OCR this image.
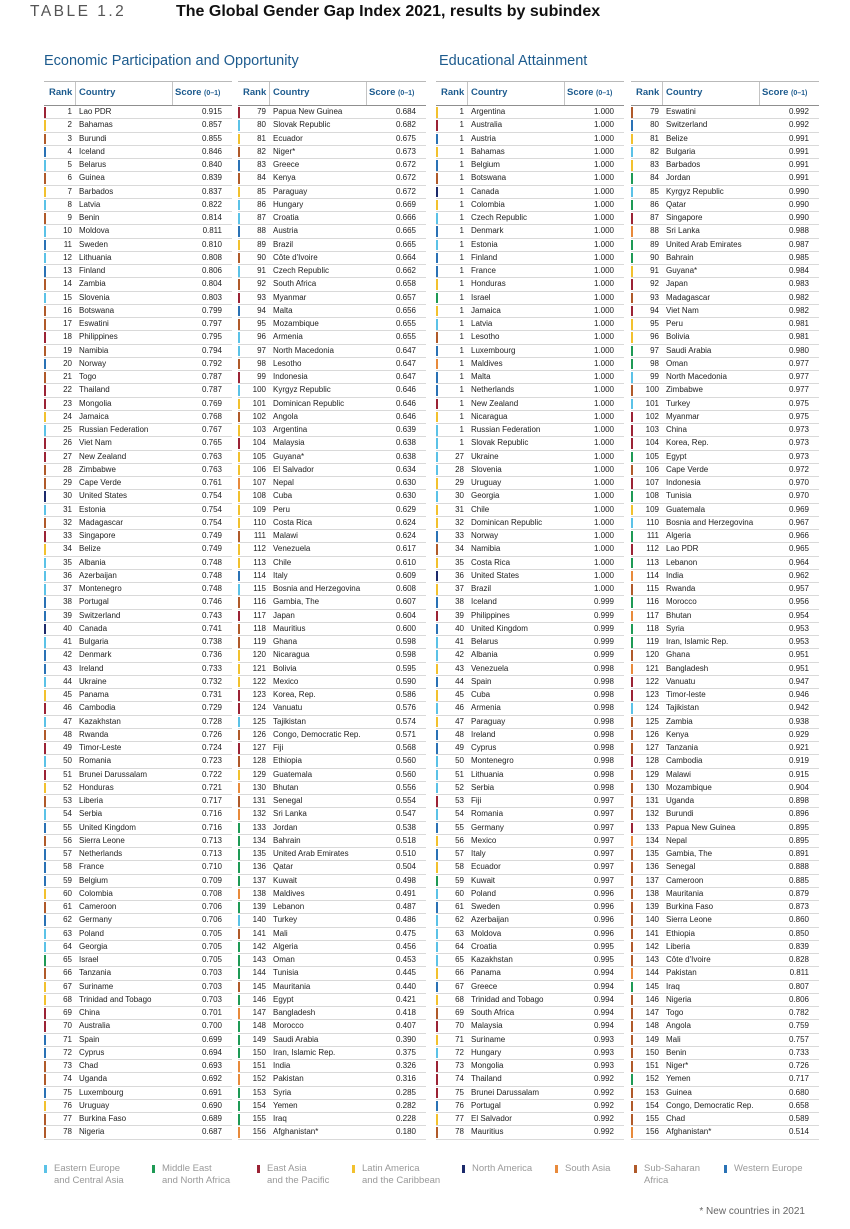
TABLE 1.2	The Global Gender Gap Index 2021, results by subindex
Economic Participation and Opportunity	Educational Attainment
Rank Country	Score (0–1)
1 Lao PDR	0.915
2 Bahamas	0.857
3 Burundi	0.855
4 Iceland	0.846
5 Belarus	0.840
6 Guinea	0.839
7 Barbados	0.837
8 Latvia	0.822
9 Benin	0.814
10 Moldova	0.811
11 Sweden	0.810
12 Lithuania	0.808
13 Finland	0.806
14 Zambia	0.804
15 Slovenia	0.803
16 Botswana	0.799
17 Eswatini	0.797
18 Philippines	0.795
19 Namibia	0.794
20 Norway	0.792
21 Togo	0.787
22 Thailand	0.787
23 Mongolia	0.769
24 Jamaica	0.768
25 Russian Federation	0.767
26 Viet Nam	0.765
27 New Zealand	0.763
28 Zimbabwe	0.763
29 Cape Verde	0.761
30 United States	0.754
31 Estonia	0.754
32 Madagascar	0.754
33 Singapore	0.749
34 Belize	0.749
35 Albania	0.748
36 Azerbaijan	0.748
37 Montenegro	0.748
38 Portugal	0.746
39 Switzerland	0.743
40 Canada	0.741
41 Bulgaria	0.738
42 Denmark	0.736
43 Ireland	0.733
44 Ukraine	0.732
45 Panama	0.731
46 Cambodia	0.729
47 Kazakhstan	0.728
48 Rwanda	0.726
49 Timor-Leste	0.724
50 Romania	0.723
51 Brunei Darussalam	0.722
52 Honduras	0.721
53 Liberia	0.717
54 Serbia	0.716
55 United Kingdom	0.716
56 Sierra Leone	0.713
57 Netherlands	0.713
58 France	0.710
59 Belgium	0.709
60 Colombia	0.708
61 Cameroon	0.706
62 Germany	0.706
63 Poland	0.705
64 Georgia	0.705
65 Israel	0.705
66 Tanzania	0.703
67 Suriname	0.703
68 Trinidad and Tobago	0.703
69 China	0.701
70 Australia	0.700
71 Spain	0.699
72 Cyprus	0.694
73 Chad	0.693
74 Uganda	0.692
75 Luxembourg	0.691
76 Uruguay	0.690
77 Burkina Faso	0.689
78 Nigeria	0.687
Rank Country	Score (0–1)
79 Papua New Guinea	0.684
80 Slovak Republic	0.682
81 Ecuador	0.675
82 Niger*	0.673
83 Greece	0.672
84 Kenya	0.672
85 Paraguay	0.672
86 Hungary	0.669
87 Croatia	0.666
88 Austria	0.665
89 Brazil	0.665
90 Côte d'Ivoire	0.664
91 Czech Republic	0.662
92 South Africa	0.658
93 Myanmar	0.657
94 Malta	0.656
95 Mozambique	0.655
96 Armenia	0.655
97 North Macedonia	0.647
98 Lesotho	0.647
99 Indonesia	0.647
100 Kyrgyz Republic	0.646
101 Dominican Republic	0.646
102 Angola	0.646
103 Argentina	0.639
104 Malaysia	0.638
105 Guyana*	0.638
106 El Salvador	0.634
107 Nepal	0.630
108 Cuba	0.630
109 Peru	0.629
110 Costa Rica	0.624
111 Malawi	0.624
112 Venezuela	0.617
113 Chile	0.610
114 Italy	0.609
115 Bosnia and Herzegovina	0.608
116 Gambia, The	0.607
117 Japan	0.604
118 Mauritius	0.600
119 Ghana	0.598
120 Nicaragua	0.598
121 Bolivia	0.595
122 Mexico	0.590
123 Korea, Rep.	0.586
124 Vanuatu	0.576
125 Tajikistan	0.574
126 Congo, Democratic Rep.	0.571
127 Fiji	0.568
128 Ethiopia	0.560
129 Guatemala	0.560
130 Bhutan	0.556
131 Senegal	0.554
132 Sri Lanka	0.547
133 Jordan	0.538
134 Bahrain	0.518
135 United Arab Emirates	0.510
136 Qatar	0.504
137 Kuwait	0.498
138 Maldives	0.491
139 Lebanon	0.487
140 Turkey	0.486
141 Mali	0.475
142 Algeria	0.456
143 Oman	0.453
144 Tunisia	0.445
145 Mauritania	0.440
146 Egypt	0.421
147 Bangladesh	0.418
148 Morocco	0.407
149 Saudi Arabia	0.390
150 Iran, Islamic Rep.	0.375
151 India	0.326
152 Pakistan	0.316
153 Syria	0.285
154 Yemen	0.282
155 Iraq	0.228
156 Afghanistan*	0.180
Rank Country	Score (0–1)
1 Argentina	1.000
1 Australia	1.000
1 Austria	1.000
1 Bahamas	1.000
1 Belgium	1.000
1 Botswana	1.000
1 Canada	1.000
1 Colombia	1.000
1 Czech Republic	1.000
1 Denmark	1.000
1 Estonia	1.000
1 Finland	1.000
1 France	1.000
1 Honduras	1.000
1 Israel	1.000
1 Jamaica	1.000
1 Latvia	1.000
1 Lesotho	1.000
1 Luxembourg	1.000
1 Maldives	1.000
1 Malta	1.000
1 Netherlands	1.000
1 New Zealand	1.000
1 Nicaragua	1.000
1 Russian Federation	1.000
1 Slovak Republic	1.000
27 Ukraine	1.000
28 Slovenia	1.000
29 Uruguay	1.000
30 Georgia	1.000
31 Chile	1.000
32 Dominican Republic	1.000
33 Norway	1.000
34 Namibia	1.000
35 Costa Rica	1.000
36 United States	1.000
37 Brazil	1.000
38 Iceland	0.999
39 Philippines	0.999
40 United Kingdom	0.999
41 Belarus	0.999
42 Albania	0.999
43 Venezuela	0.998
44 Spain	0.998
45 Cuba	0.998
46 Armenia	0.998
47 Paraguay	0.998
48 Ireland	0.998
49 Cyprus	0.998
50 Montenegro	0.998
51 Lithuania	0.998
52 Serbia	0.998
53 Fiji	0.997
54 Romania	0.997
55 Germany	0.997
56 Mexico	0.997
57 Italy	0.997
58 Ecuador	0.997
59 Kuwait	0.997
60 Poland	0.996
61 Sweden	0.996
62 Azerbaijan	0.996
63 Moldova	0.996
64 Croatia	0.995
65 Kazakhstan	0.995
66 Panama	0.994
67 Greece	0.994
68 Trinidad and Tobago	0.994
69 South Africa	0.994
70 Malaysia	0.994
71 Suriname	0.993
72 Hungary	0.993
73 Mongolia	0.993
74 Thailand	0.992
75 Brunei Darussalam	0.992
76 Portugal	0.992
77 El Salvador	0.992
78 Mauritius	0.992
Rank Country	Score (0–1)
79 Eswatini	0.992
80 Switzerland	0.992
81 Belize	0.991
82 Bulgaria	0.991
83 Barbados	0.991
84 Jordan	0.991
85 Kyrgyz Republic	0.990
86 Qatar	0.990
87 Singapore	0.990
88 Sri Lanka	0.988
89 United Arab Emirates	0.987
90 Bahrain	0.985
91 Guyana*	0.984
92 Japan	0.983
93 Madagascar	0.982
94 Viet Nam	0.982
95 Peru	0.981
96 Bolivia	0.981
97 Saudi Arabia	0.980
98 Oman	0.977
99 North Macedonia	0.977
100 Zimbabwe	0.977
101 Turkey	0.975
102 Myanmar	0.975
103 China	0.973
104 Korea, Rep.	0.973
105 Egypt	0.973
106 Cape Verde	0.972
107 Indonesia	0.970
108 Tunisia	0.970
109 Guatemala	0.969
110 Bosnia and Herzegovina	0.967
111 Algeria	0.966
112 Lao PDR	0.965
113 Lebanon	0.964
114 India	0.962
115 Rwanda	0.957
116 Morocco	0.956
117 Bhutan	0.954
118 Syria	0.953
119 Iran, Islamic Rep.	0.953
120 Ghana	0.951
121 Bangladesh	0.951
122 Vanuatu	0.947
123 Timor-leste	0.946
124 Tajikistan	0.942
125 Zambia	0.938
126 Kenya	0.929
127 Tanzania	0.921
128 Cambodia	0.919
129 Malawi	0.915
130 Mozambique	0.904
131 Uganda	0.898
132 Burundi	0.896
133 Papua New Guinea	0.895
134 Nepal	0.895
135 Gambia, The	0.891
136 Senegal	0.888
137 Cameroon	0.885
138 Mauritania	0.879
139 Burkina Faso	0.873
140 Sierra Leone	0.860
141 Ethiopia	0.850
142 Liberia	0.839
143 Côte d'Ivoire	0.828
144 Pakistan	0.811
145 Iraq	0.807
146 Nigeria	0.806
147 Togo	0.782
148 Angola	0.759
149 Mali	0.757
150 Benin	0.733
151 Niger*	0.726
152 Yemen	0.717
153 Guinea	0.680
154 Congo, Democratic Rep.	0.658
155 Chad	0.589
156 Afghanistan*	0.514
Eastern Europe
and Central Asia
Middle East
and North Africa
East Asia
and the Pacific
Latin America
and the Caribbean
North America	South Asia	Sub-Saharan
Africa
Western Europe
* New countries in 2021
